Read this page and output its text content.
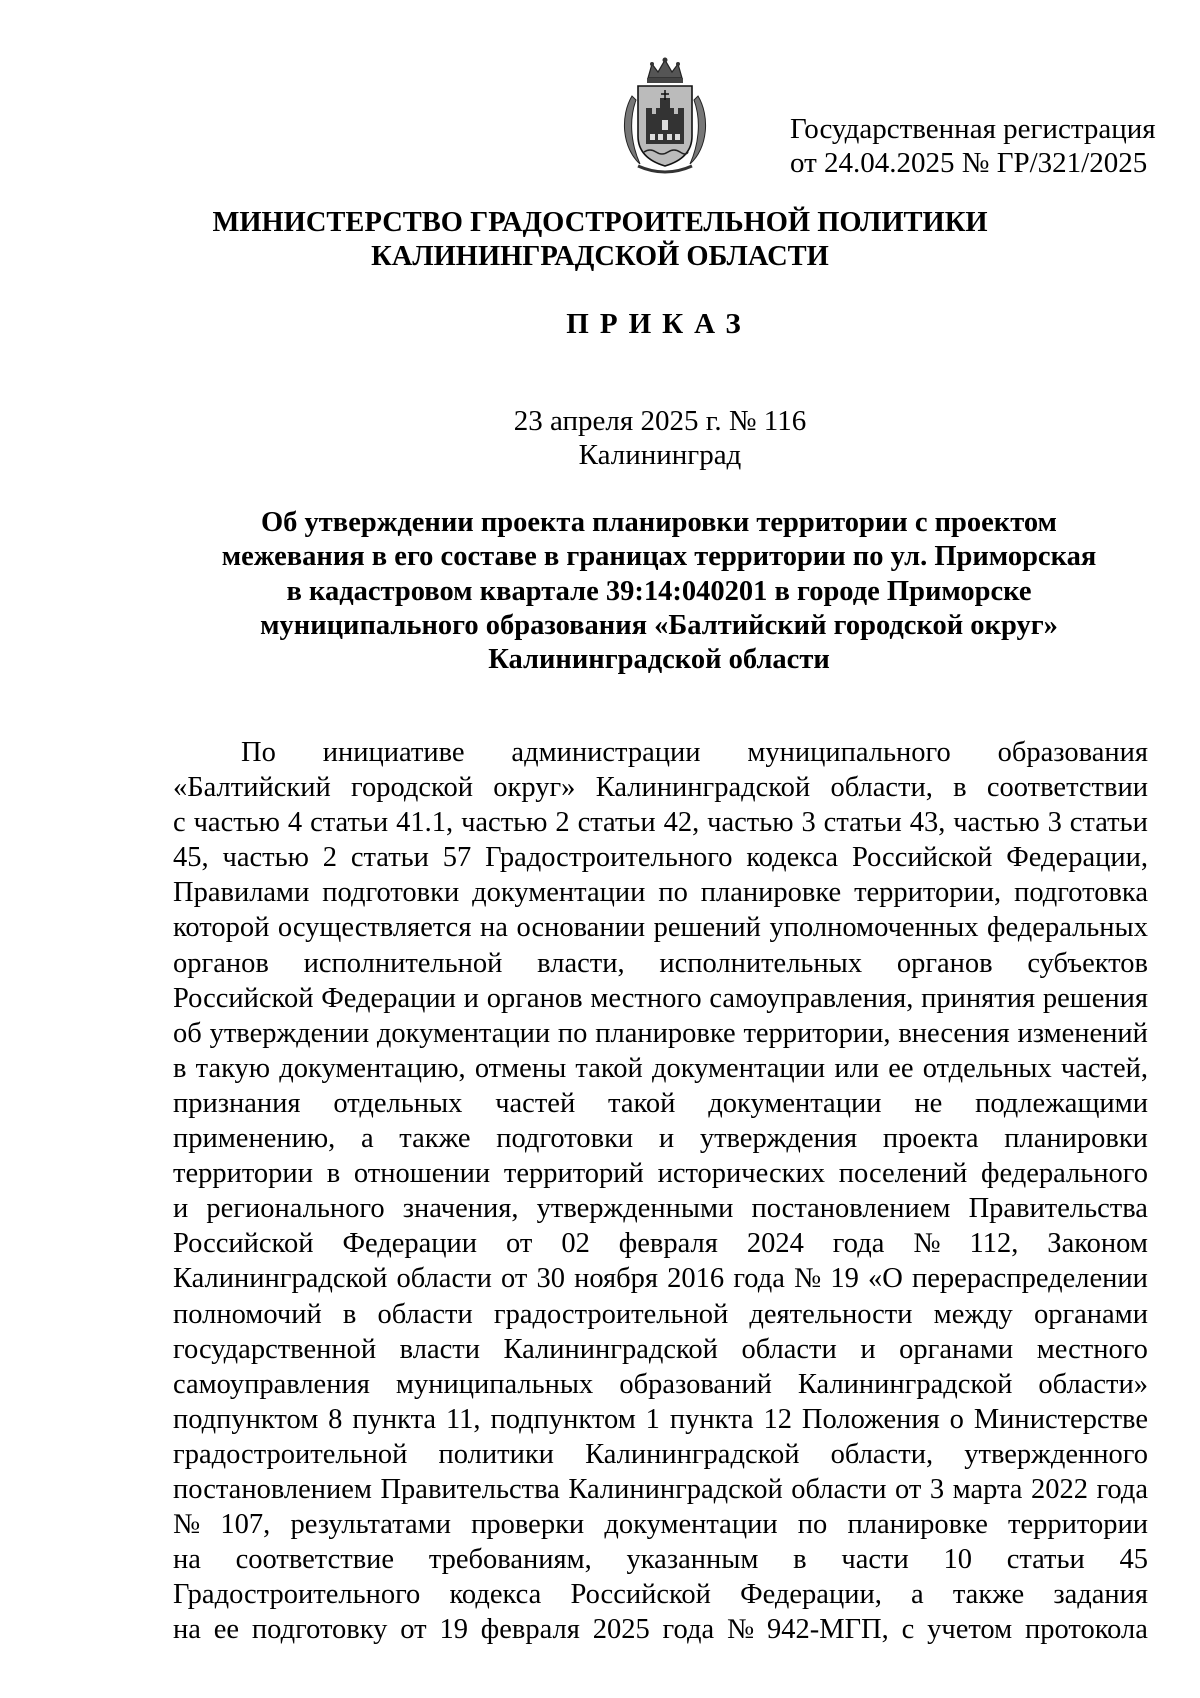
Государственная регистрация
от 24.04.2025 № ГР/321/2025
МИНИСТЕРСТВО ГРАДОСТРОИТЕЛЬНОЙ ПОЛИТИКИ
КАЛИНИНГРАДСКОЙ ОБЛАСТИ
ПРИКАЗ
23 апреля 2025 г. № 116
Калининград
Об утверждении проекта планировки территории с проектом
межевания в его составе в границах территории по ул. Приморская
в кадастровом квартале 39:14:040201 в городе Приморске
муниципального образования «Балтийский городской округ»
Калининградской области
По инициативе администрации муниципального образования
«Балтийский городской округ» Калининградской области, в соответствии
с частью 4 статьи 41.1, частью 2 статьи 42, частью 3 статьи 43, частью 3 статьи
45, частью 2 статьи 57 Градостроительного кодекса Российской Федерации,
Правилами подготовки документации по планировке территории, подготовка
которой осуществляется на основании решений уполномоченных федеральных
органов исполнительной власти, исполнительных органов субъектов
Российской Федерации и органов местного самоуправления, принятия решения
об утверждении документации по планировке территории, внесения изменений
в такую документацию, отмены такой документации или ее отдельных частей,
признания отдельных частей такой документации не подлежащими
применению, а также подготовки и утверждения проекта планировки
территории в отношении территорий исторических поселений федерального
и регионального значения, утвержденными постановлением Правительства
Российской Федерации от 02 февраля 2024 года № 112, Законом
Калининградской области от 30 ноября 2016 года № 19 «О перераспределении
полномочий в области градостроительной деятельности между органами
государственной власти Калининградской области и органами местного
самоуправления муниципальных образований Калининградской области»
подпунктом 8 пункта 11, подпунктом 1 пункта 12 Положения о Министерстве
градостроительной политики Калининградской области, утвержденного
постановлением Правительства Калининградской области от 3 марта 2022 года
№ 107, результатами проверки документации по планировке территории
на соответствие требованиям, указанным в части 10 статьи 45
Градостроительного кодекса Российской Федерации, а также задания
на ее подготовку от 19 февраля 2025 года № 942-МГП, с учетом протокола
